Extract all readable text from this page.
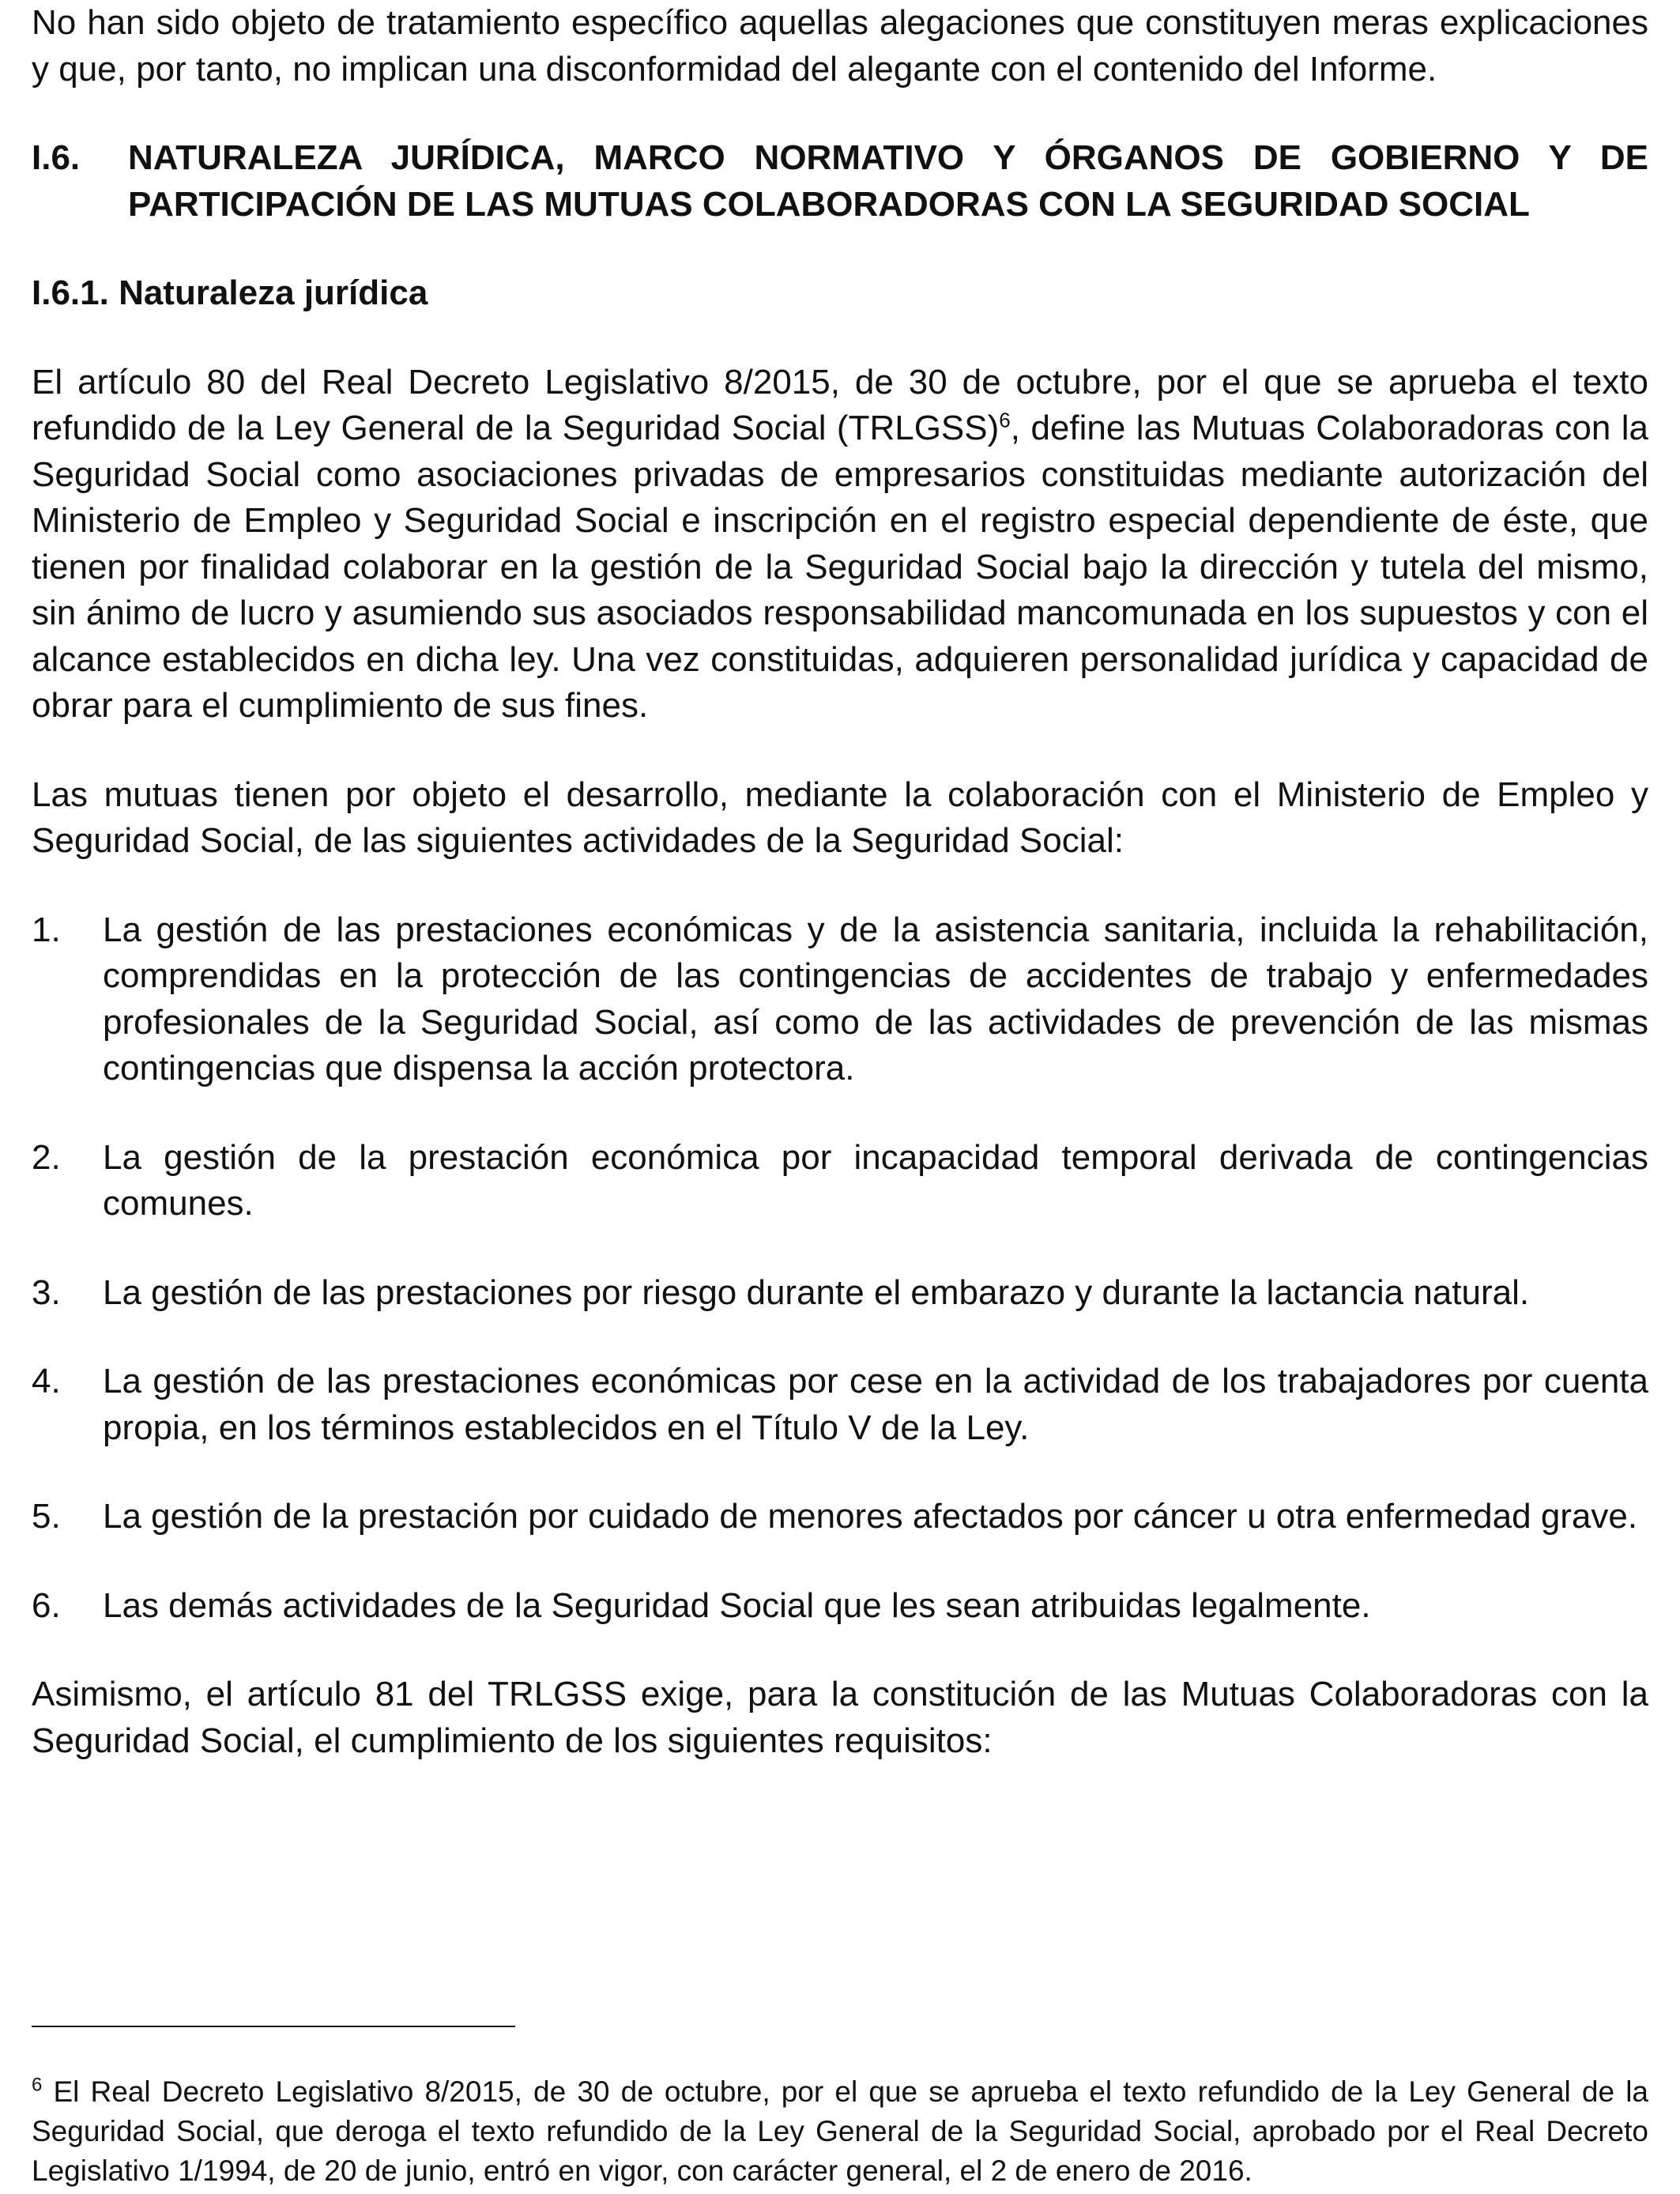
No han sido objeto de tratamiento específico aquellas alegaciones que constituyen meras explicaciones y que, por tanto, no implican una disconformidad del alegante con el contenido del Informe.

I.6. NATURALEZA JURÍDICA, MARCO NORMATIVO Y ÓRGANOS DE GOBIERNO Y DE PARTICIPACIÓN DE LAS MUTUAS COLABORADORAS CON LA SEGURIDAD SOCIAL
I.6.1. Naturaleza jurídica

El artículo 80 del Real Decreto Legislativo 8/2015, de 30 de octubre, por el que se aprueba el texto refundido de la Ley General de la Seguridad Social (TRLGSS)$^6$, define las Mutuas Colaboradoras con la Seguridad Social como asociaciones privadas de empresarios constituidas mediante autorización del Ministerio de Empleo y Seguridad Social e inscripción en el registro especial dependiente de éste, que tienen por finalidad colaborar en la gestión de la Seguridad Social bajo la dirección y tutela del mismo, sin ánimo de lucro y asumiendo sus asociados responsabilidad mancomunada en los supuestos y con el alcance establecidos en dicha ley. Una vez constituidas, adquieren personalidad jurídica y capacidad de obrar para el cumplimiento de sus fines.

Las mutuas tienen por objeto el desarrollo, mediante la colaboración con el Ministerio de Empleo y Seguridad Social, de las siguientes actividades de la Seguridad Social:

1. La gestión de las prestaciones económicas y de la asistencia sanitaria, incluida la rehabilitación, comprendidas en la protección de las contingencias de accidentes de trabajo y enfermedades profesionales de la Seguridad Social, así como de las actividades de prevención de las mismas contingencias que dispensa la acción protectora.
2. La gestión de la prestación económica por incapacidad temporal derivada de contingencias comunes.
3. La gestión de las prestaciones por riesgo durante el embarazo y durante la lactancia natural.
4. La gestión de las prestaciones económicas por cese en la actividad de los trabajadores por cuenta propia, en los términos establecidos en el Título V de la Ley.
5. La gestión de la prestación por cuidado de menores afectados por cáncer u otra enfermedad grave.
6. Las demás actividades de la Seguridad Social que les sean atribuidas legalmente.

Asimismo, el artículo 81 del TRLGSS exige, para la constitución de las Mutuas Colaboradoras con la Seguridad Social, el cumplimiento de los siguientes requisitos:

$^6$ El Real Decreto Legislativo 8/2015, de 30 de octubre, por el que se aprueba el texto refundido de la Ley General de la Seguridad Social, que deroga el texto refundido de la Ley General de la Seguridad Social, aprobado por el Real Decreto Legislativo 1/1994, de 20 de junio, entró en vigor, con carácter general, el 2 de enero de 2016.
